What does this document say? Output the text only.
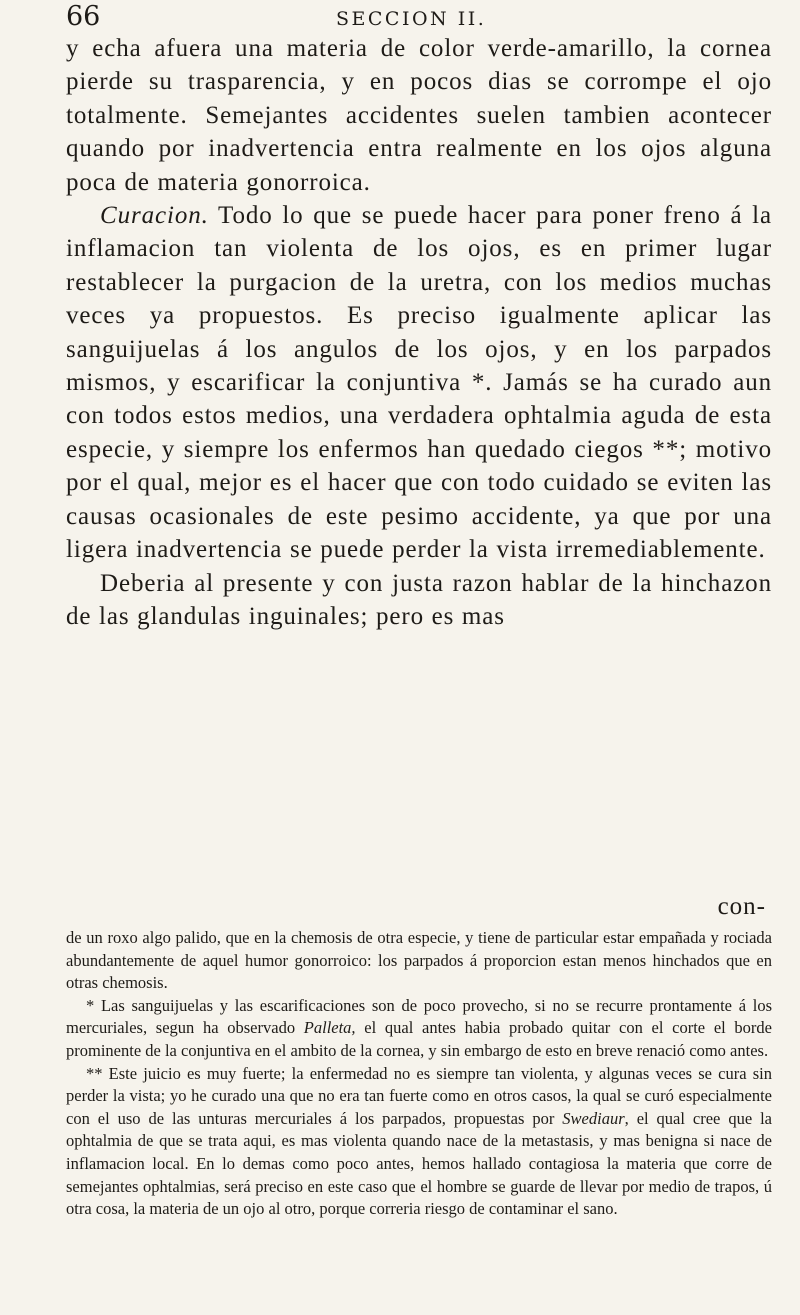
66	SECCION II.

y echa afuera una materia de color verde-amarillo, la cornea pierde su trasparencia, y en pocos dias se corrompe el ojo totalmente. Semejantes accidentes suelen tambien acontecer quando por inadvertencia entra realmente en los ojos alguna poca de materia gonorroica.

Curacion. Todo lo que se puede hacer para poner freno á la inflamacion tan violenta de los ojos, es en primer lugar restablecer la purgacion de la uretra, con los medios muchas veces ya propuestos. Es preciso igualmente aplicar las sanguijuelas á los angulos de los ojos, y en los parpados mismos, y escarificar la conjuntiva *. Jamás se ha curado aun con todos estos medios, una verdadera ophtalmia aguda de esta especie, y siempre los enfermos han quedado ciegos **; motivo por el qual, mejor es el hacer que con todo cuidado se eviten las causas ocasionales de este pesimo accidente, ya que por una ligera inadvertencia se puede perder la vista irremediablemente.

Deberia al presente y con justa razon hablar de la hinchazon de las glandulas inguinales; pero es mas

con-

de un roxo algo palido, que en la chemosis de otra especie, y tiene de particular estar empañada y rociada abundantemente de aquel humor gonorroico: los parpados á proporcion estan menos hinchados que en otras chemosis.

* Las sanguijuelas y las escarificaciones son de poco provecho, si no se recurre prontamente á los mercuriales, segun ha observado Palleta, el qual antes habia probado quitar con el corte el borde prominente de la conjuntiva en el ambito de la cornea, y sin embargo de esto en breve renació como antes.

** Este juicio es muy fuerte; la enfermedad no es siempre tan violenta, y algunas veces se cura sin perder la vista; yo he curado una que no era tan fuerte como en otros casos, la qual se curó especialmente con el uso de las unturas mercuriales á los parpados, propuestas por Swediaur, el qual cree que la ophtalmia de que se trata aqui, es mas violenta quando nace de la metastasis, y mas benigna si nace de inflamacion local. En lo demas como poco antes, hemos hallado contagiosa la materia que corre de semejantes ophtalmias, será preciso en este caso que el hombre se guarde de llevar por medio de trapos, ú otra cosa, la materia de un ojo al otro, porque correria riesgo de contaminar el sano.
